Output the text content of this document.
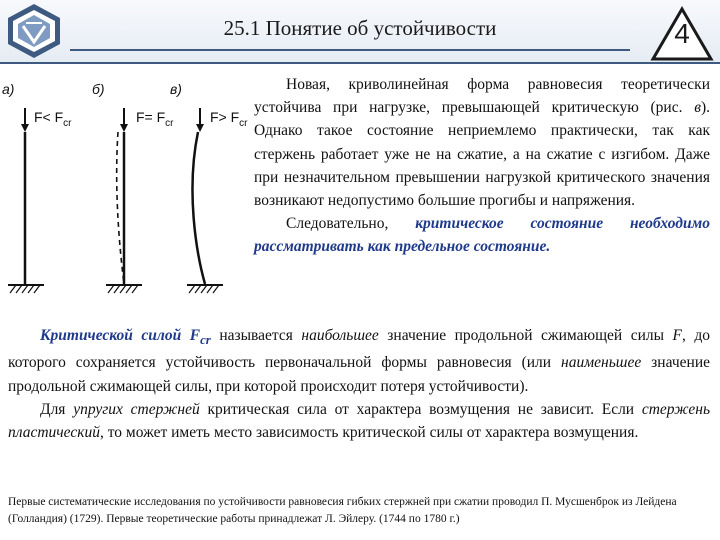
25.1 Понятие об устойчивости	4
а)	б)	в)
$F< F_{cr}$	$F= F_{cr}$	$F> F_{cr}$

Новая, криволинейная форма равновесия теоретически устойчива при нагрузке, превышающей критическую (рис. в). Однако такое состояние неприемлемо практически, так как стержень работает уже не на сжатие, а на сжатие с изгибом. Даже при незначительном превышении нагрузкой критического значения возникают недопустимо большие прогибы и напряжения.

Следовательно, критическое состояние необходимо рассматривать как предельное состояние.

Критической силой $F_{cr}$ называется наибольшее значение продольной сжимающей силы F, до которого сохраняется устойчивость первоначальной формы равновесия (или наименьшее значение продольной сжимающей силы, при которой происходит потеря устойчивости).

Для упругих стержней критическая сила от характера возмущения не зависит. Если стержень пластический, то может иметь место зависимость критической силы от характера возмущения.

Первые систематические исследования по устойчивости равновесия гибких стержней при сжатии проводил П. Мусшенброк из Лейдена (Голландия) (1729). Первые теоретические работы принадлежат Л. Эйлеру. (1744 по 1780 г.)
